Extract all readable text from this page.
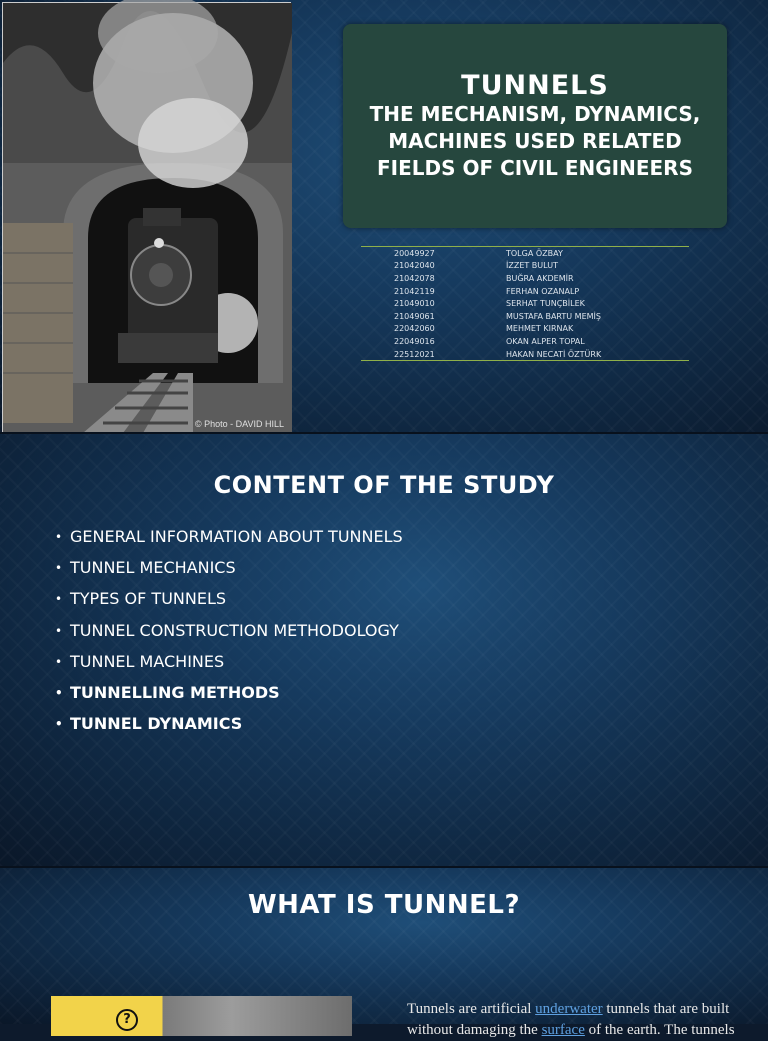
© Photo - DAVID HILL
TUNNELS
THE MECHANISM, DYNAMICS, MACHINES USED RELATED FIELDS OF CIVIL ENGINEERS
20049927	TOLGA ÖZBAY
21042040	İZZET BULUT
21042078	BUĞRA AKDEMİR
21042119	FERHAN OZANALP
21049010	SERHAT TUNÇBİLEK
21049061	MUSTAFA BARTU MEMİŞ
22042060	MEHMET KIRNAK
22049016	OKAN ALPER TOPAL
22512021	HAKAN NECATİ ÖZTÜRK
CONTENT OF THE STUDY
• GENERAL INFORMATION ABOUT TUNNELS
• TUNNEL MECHANICS
• TYPES OF TUNNELS
• TUNNEL CONSTRUCTION METHODOLOGY
• TUNNEL MACHINES
• TUNNELLING METHODS
• TUNNEL DYNAMICS
WHAT IS TUNNEL?
?
Tunnels are artificial underwater tunnels that are built
without damaging the surface of the earth. The tunnels
